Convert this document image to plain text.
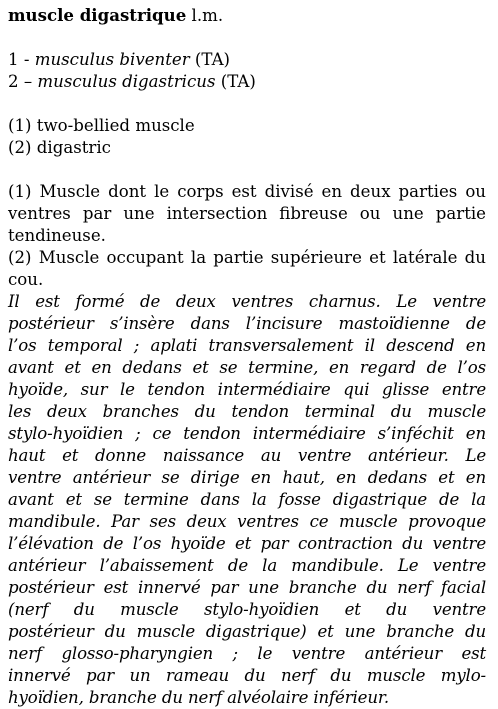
muscle digastrique l.m.

1 - musculus biventer (TA)
2 – musculus digastricus (TA)
(1) two-bellied muscle
(2) digastric
(1) Muscle dont le corps est divisé en deux parties ou
ventres par une intersection fibreuse ou une partie
tendineuse.
(2) Muscle occupant la partie supérieure et latérale du
cou.
Il est formé de deux ventres charnus. Le ventre
postérieur s’insère dans l’incisure mastoïdienne de
l’os temporal ; aplati transversalement il descend en
avant et en dedans et se termine, en regard de l’os
hyoïde, sur le tendon intermédiaire qui glisse entre
les deux branches du tendon terminal du muscle
stylo-hyoïdien ; ce tendon intermédiaire s’inféchit en
haut et donne naissance au ventre antérieur. Le
ventre antérieur se dirige en haut, en dedans et en
avant et se termine dans la fosse digastrique de la
mandibule. Par ses deux ventres ce muscle provoque
l’élévation de l’os hyoïde et par contraction du ventre
antérieur l’abaissement de la mandibule. Le ventre
postérieur est innervé par une branche du nerf facial
(nerf du muscle stylo-hyoïdien et du ventre
postérieur du muscle digastrique) et une branche du
nerf glosso-pharyngien ; le ventre antérieur est
innervé par un rameau du nerf du muscle mylo-
hyoïdien, branche du nerf alvéolaire inférieur.
